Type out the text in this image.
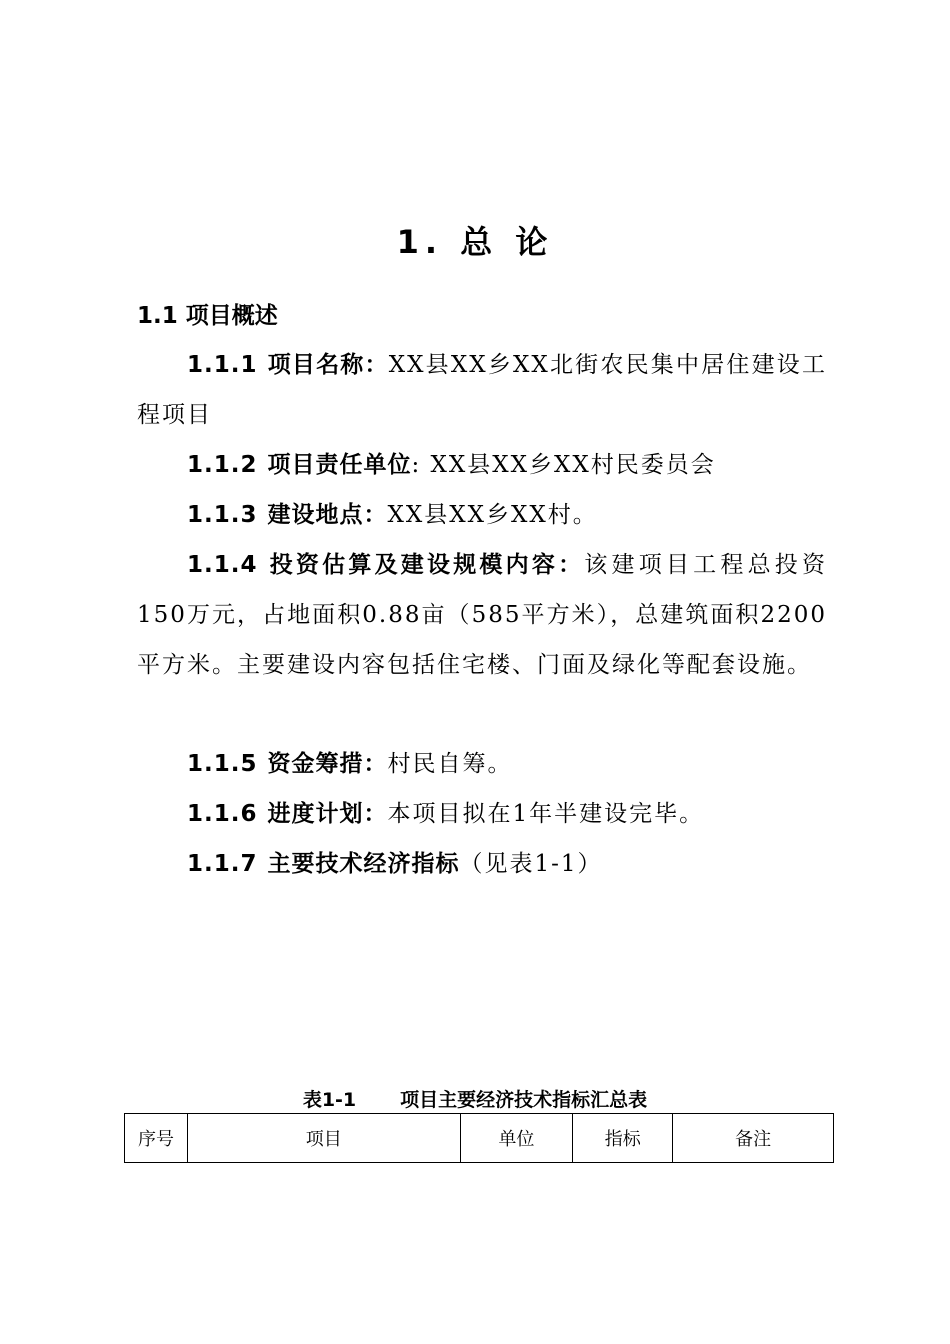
1. 总 论
1.1 项目概述

1.1.1 项目名称：XX县XX乡XX北街农民集中居住建设工程项目

1.1.2 项目责任单位: XX县XX乡XX村民委员会

1.1.3 建设地点：XX县XX乡XX村。

1.1.4 投资估算及建设规模内容：该建项目工程总投资150万元，占地面积0.88亩（585平方米），总建筑面积2200平方米。主要建设内容包括住宅楼、门面及绿化等配套设施。

1.1.5 资金筹措：村民自筹。

1.1.6 进度计划：本项目拟在1年半建设完毕。

1.1.7 主要技术经济指标（见表1-1）

表1-1 项目主要经济技术指标汇总表
序号	项目	单位	指标	备注
